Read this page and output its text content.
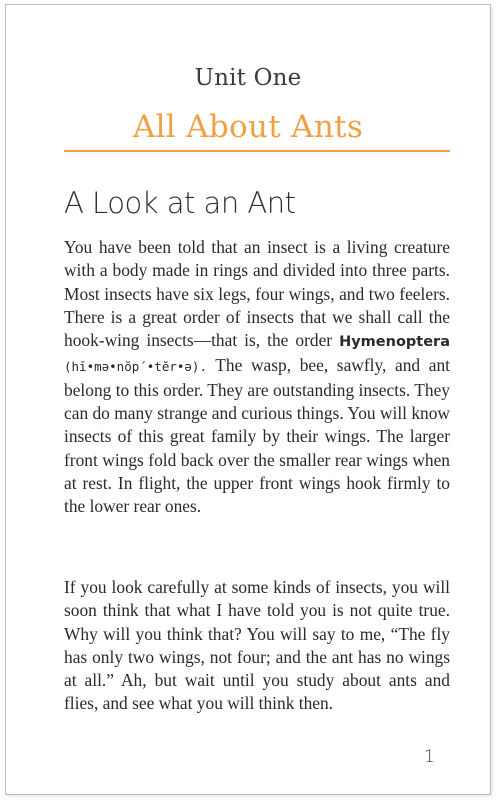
Unit One
All About Ants
A Look at an Ant

You have been told that an insect is a living creature with a body made in rings and divided into three parts. Most insects have six legs, four wings, and two feelers. There is a great order of insects that we shall call the hook-wing insects—that is, the order Hymenoptera (hī•mə•nŏp´•tĕr•ə). The wasp, bee, sawfly, and ant belong to this order. They are outstanding insects. They can do many strange and curious things. You will know insects of this great family by their wings. The larger front wings fold back over the smaller rear wings when at rest. In flight, the upper front wings hook firmly to the lower rear ones.

If you look carefully at some kinds of insects, you will soon think that what I have told you is not quite true. Why will you think that? You will say to me, “The fly has only two wings, not four; and the ant has no wings at all.” Ah, but wait until you study about ants and flies, and see what you will think then.

1
